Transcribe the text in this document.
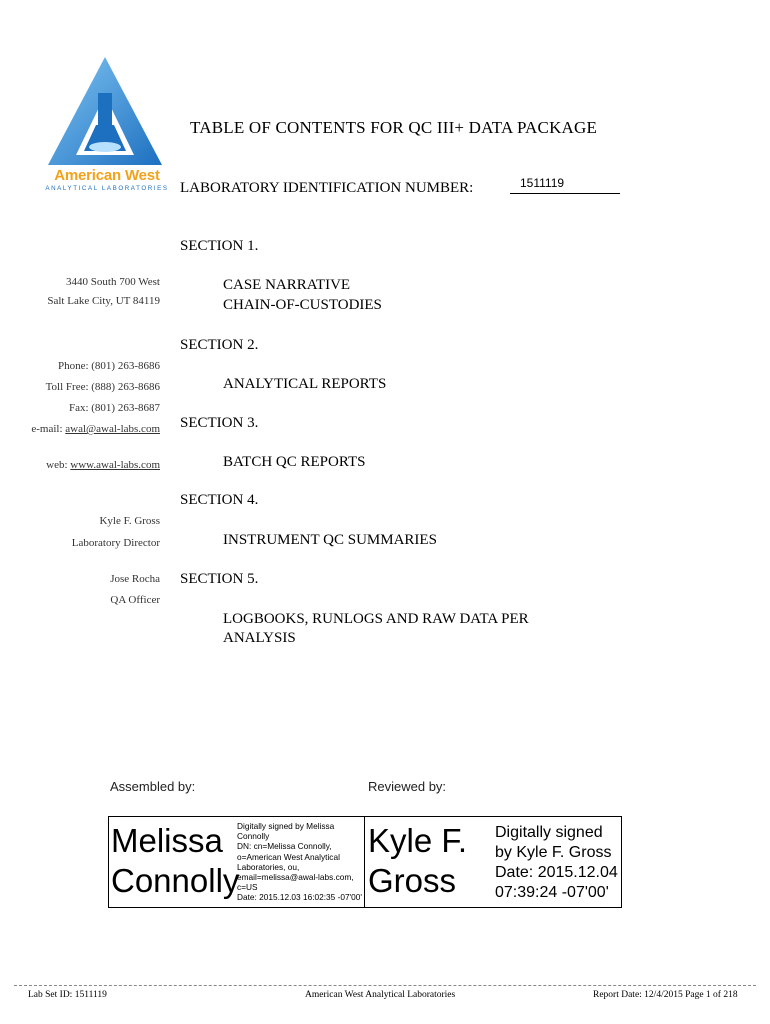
American West
ANALYTICAL LABORATORIES
TABLE OF CONTENTS FOR QC III+ DATA PACKAGE
LABORATORY IDENTIFICATION NUMBER:	1511119
3440 South 700 West
Salt Lake City, UT 84119
Phone: (801) 263-8686
Toll Free: (888) 263-8686
Fax: (801) 263-8687
e-mail: awal@awal-labs.com
web: www.awal-labs.com
Kyle F. Gross
Laboratory Director
Jose Rocha
QA Officer
SECTION 1.
CASE NARRATIVE
CHAIN-OF-CUSTODIES
SECTION 2.
ANALYTICAL REPORTS
SECTION 3.
BATCH QC REPORTS
SECTION 4.
INSTRUMENT QC SUMMARIES
SECTION 5.
LOGBOOKS, RUNLOGS AND RAW DATA PER
ANALYSIS
Assembled by:	Reviewed by:
Melissa
Connolly
Digitally signed by Melissa
Connolly
DN: cn=Melissa Connolly,
o=American West Analytical
Laboratories, ou,
email=melissa@awal-labs.com,
c=US
Date: 2015.12.03 16:02:35 -07'00'
Kyle F.
Gross
Digitally signed
by Kyle F. Gross
Date: 2015.12.04
07:39:24 -07'00'
Lab Set ID: 1511119	American West Analytical Laboratories	Report Date: 12/4/2015 Page 1 of 218
